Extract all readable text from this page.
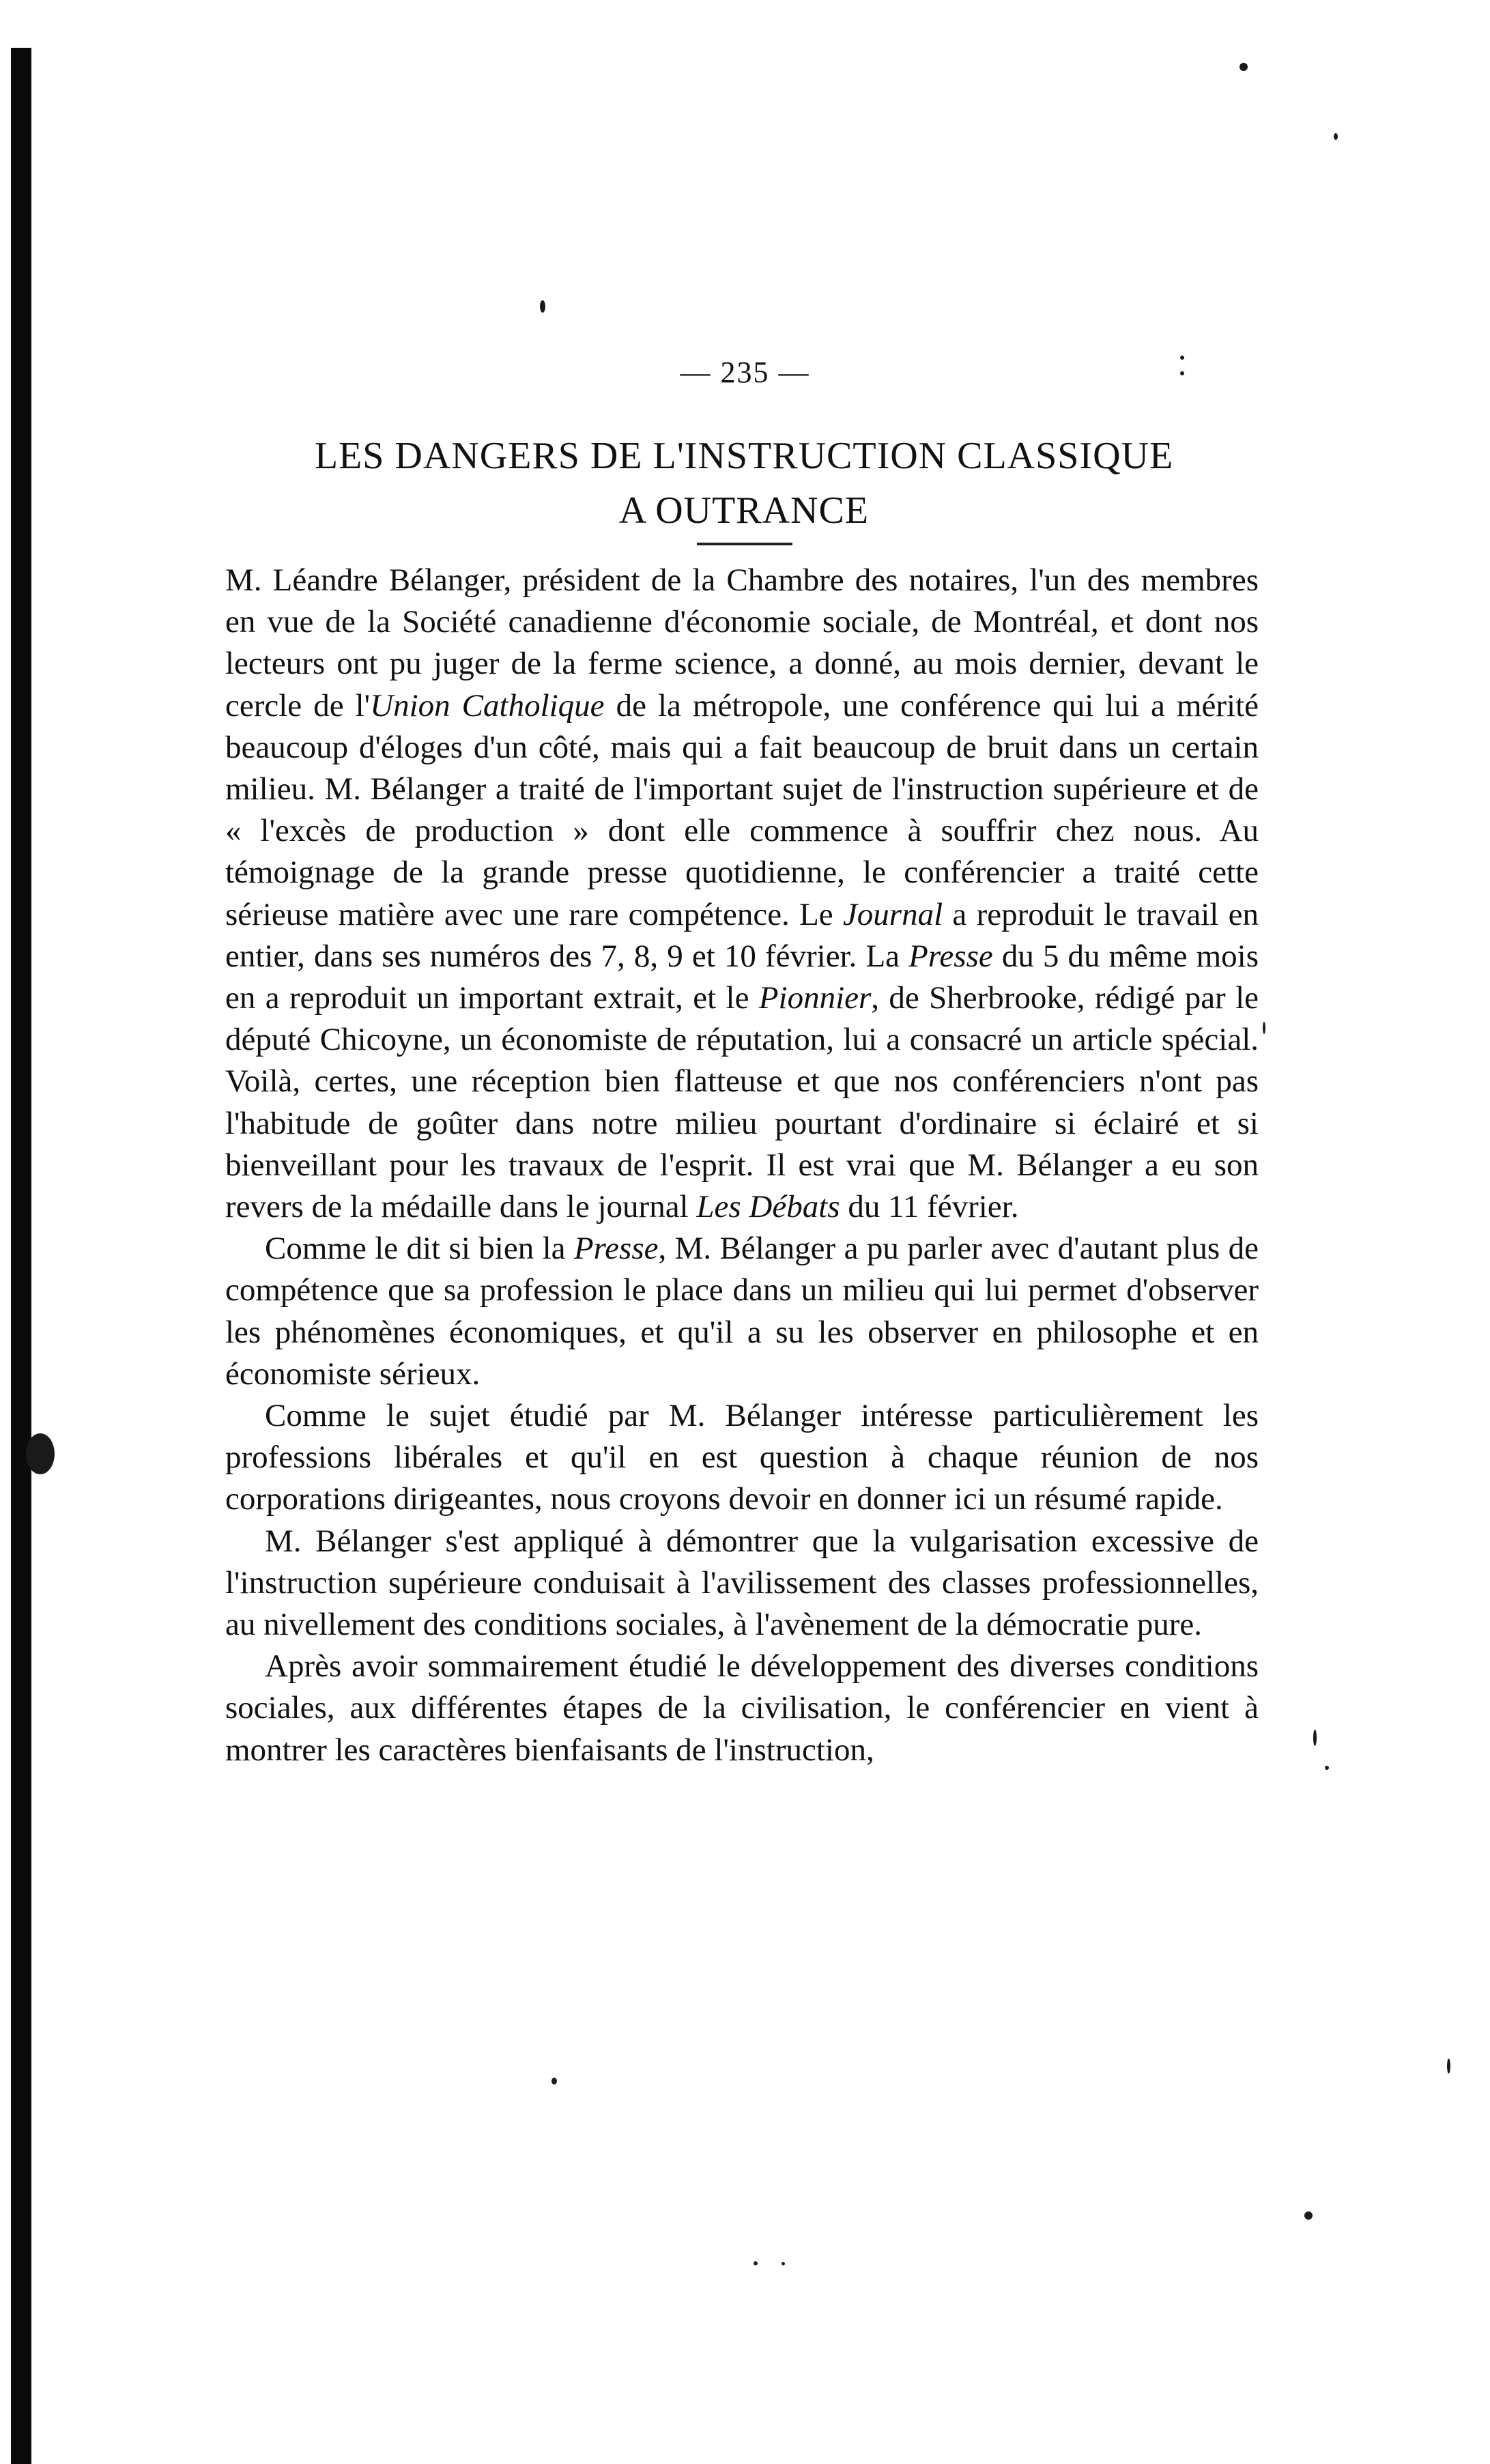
— 235 —
LES DANGERS DE L'INSTRUCTION CLASSIQUE
A OUTRANCE

M. Léandre Bélanger, président de la Chambre des notaires, l'un des membres en vue de la Société canadienne d'économie sociale, de Montréal, et dont nos lecteurs ont pu juger de la ferme science, a donné, au mois dernier, devant le cercle de l'Union Catholique de la métropole, une conférence qui lui a mérité beaucoup d'éloges d'un côté, mais qui a fait beaucoup de bruit dans un certain milieu. M. Bélanger a traité de l'important sujet de l'instruction supérieure et de « l'excès de production » dont elle commence à souffrir chez nous. Au témoignage de la grande presse quotidienne, le conférencier a traité cette sérieuse matière avec une rare compétence. Le Journal a reproduit le travail en entier, dans ses numéros des 7, 8, 9 et 10 février. La Presse du 5 du même mois en a reproduit un important extrait, et le Pionnier, de Sherbrooke, rédigé par le député Chicoyne, un économiste de réputation, lui a consacré un article spécial. Voilà, certes, une réception bien flatteuse et que nos conférenciers n'ont pas l'habitude de goûter dans notre milieu pourtant d'ordinaire si éclairé et si bienveillant pour les travaux de l'esprit. Il est vrai que M. Bélanger a eu son revers de la médaille dans le journal Les Débats du 11 février.

Comme le dit si bien la Presse, M. Bélanger a pu parler avec d'autant plus de compétence que sa profession le place dans un milieu qui lui permet d'observer les phénomènes économiques, et qu'il a su les observer en philosophe et en économiste sérieux.

Comme le sujet étudié par M. Bélanger intéresse particulièrement les professions libérales et qu'il en est question à chaque réunion de nos corporations dirigeantes, nous croyons devoir en donner ici un résumé rapide.

M. Bélanger s'est appliqué à démontrer que la vulgarisation excessive de l'instruction supérieure conduisait à l'avilissement des classes professionnelles, au nivellement des conditions sociales, à l'avènement de la démocratie pure.

Après avoir sommairement étudié le développement des diverses conditions sociales, aux différentes étapes de la civilisation, le conférencier en vient à montrer les caractères bienfaisants de l'instruction,
